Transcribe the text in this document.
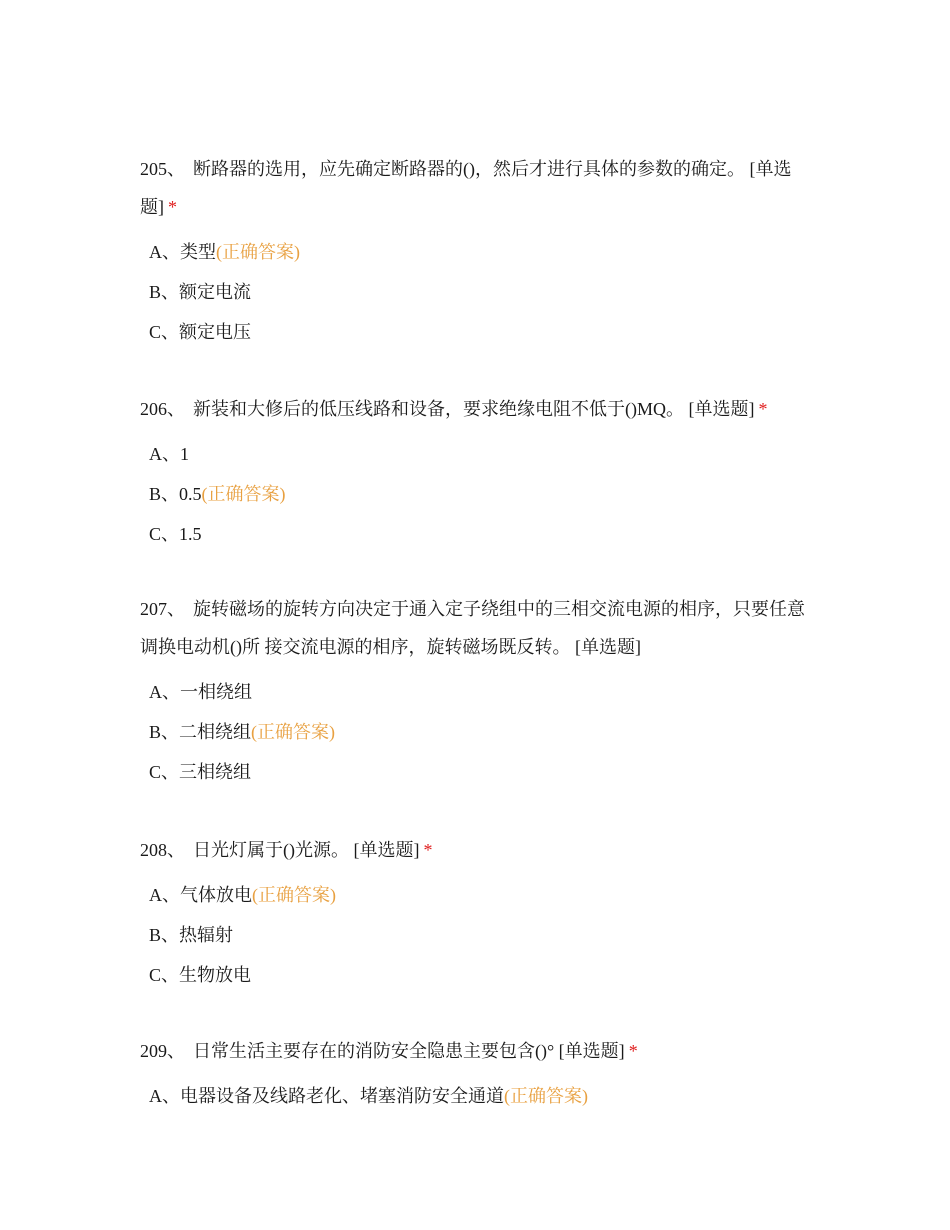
205、 断路器的选用，应先确定断路器的()，然后才进行具体的参数的确定。 [单选题] *

A、类型(正确答案)
B、额定电流
C、额定电压

206、 新装和大修后的低压线路和设备，要求绝缘电阻不低于()MQ。 [单选题] *

A、1
B、0.5(正确答案)
C、1.5

207、 旋转磁场的旋转方向决定于通入定子绕组中的三相交流电源的相序，只要任意调换电动机()所 接交流电源的相序，旋转磁场既反转。 [单选题]

A、一相绕组
B、二相绕组(正确答案)
C、三相绕组

208、 日光灯属于()光源。 [单选题] *

A、气体放电(正确答案)
B、热辐射
C、生物放电

209、 日常生活主要存在的消防安全隐患主要包含()° [单选题] *

A、电器设备及线路老化、堵塞消防安全通道(正确答案)
